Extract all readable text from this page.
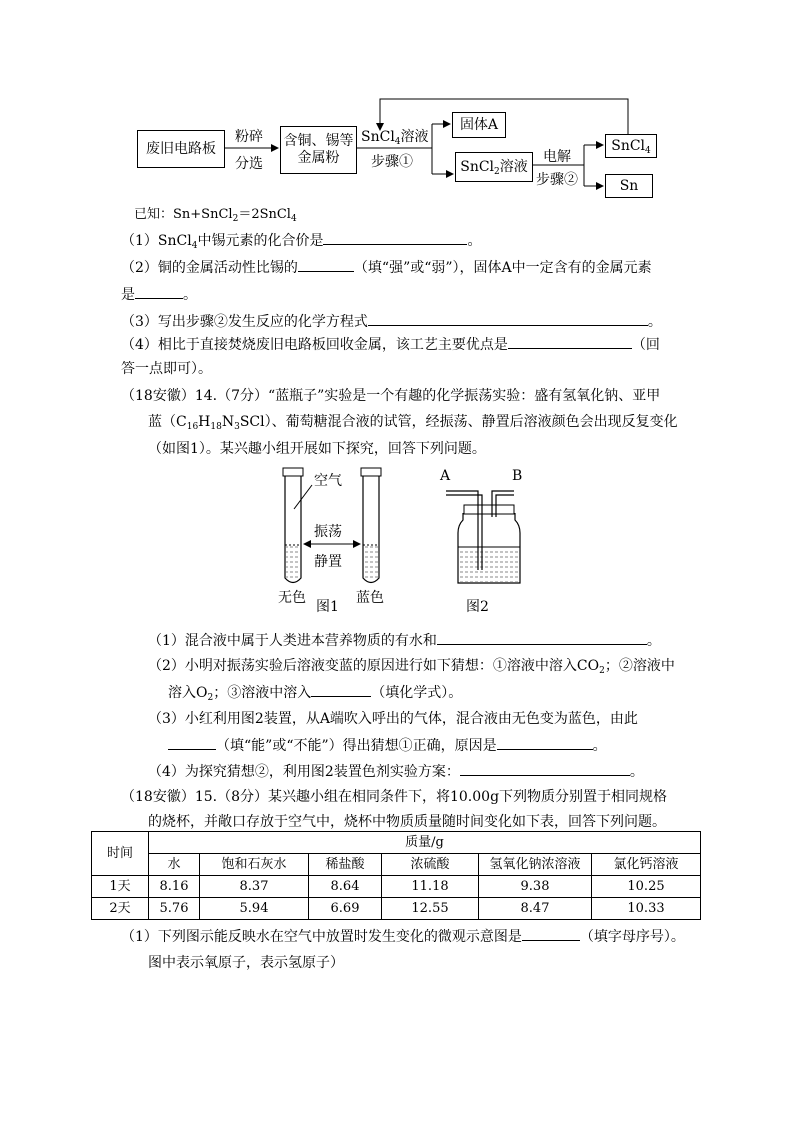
废旧电路板
粉碎
分选
含铜、锡等
金属粉
SnCl$_4$溶液
步骤①
固体A
SnCl$_2$溶液
电解
步骤②
SnCl$_4$
Sn
已知：Sn+SnCl$_2$＝2SnCl$_4$
（1）SnCl$_4$中锡元素的化合价是	。
（2）铜的金属活动性比锡的	（填“强”或“弱”），固体A中一定含有的金属元素
是	。
（3）写出步骤②发生反应的化学方程式	。
（4）相比于直接焚烧废旧电路板回收金属，该工艺主要优点是	（回
答一点即可）。
（18安徽）14.（7分）“蓝瓶子”实验是一个有趣的化学振荡实验：盛有氢氧化钠、亚甲
蓝$(C_{16}H_{18}N_3SCl)$、葡萄糖混合液的试管，经振荡、静置后溶液颜色会出现反复变化
（如图1）。某兴趣小组开展如下探究，回答下列问题。
空气
振荡
静置
无色
图1
蓝色
A	B
图2
（1）混合液中属于人类进本营养物质的有水和	。
（2）小明对振荡实验后溶液变蓝的原因进行如下猜想：①溶液中溶入$CO_2$；②溶液中
溶入$O_2$；③溶液中溶入	（填化学式）。
（3）小红利用图2装置，从A端吹入呼出的气体，混合液由无色变为蓝色，由此
（填“能”或“不能”）得出猜想①正确，原因是	。
（4）为探究猜想②，利用图2装置色剂实验方案：	。
（18安徽）15.（8分）某兴趣小组在相同条件下，将10.00g下列物质分别置于相同规格
的烧杯，并敞口存放于空气中，烧杯中物质质量随时间变化如下表，回答下列问题。
时间	质量/g					
	水	饱和石灰水	稀盐酸	浓硫酸	氢氧化钠浓溶液	氯化钙溶液
1天	8.16	8.37	8.64	11.18	9.38	10.25
2天	5.76	5.94	6.69	12.55	8.47	10.33
（1）下列图示能反映水在空气中放置时发生变化的微观示意图是	（填字母序号）。
图中表示氧原子，表示氢原子）
